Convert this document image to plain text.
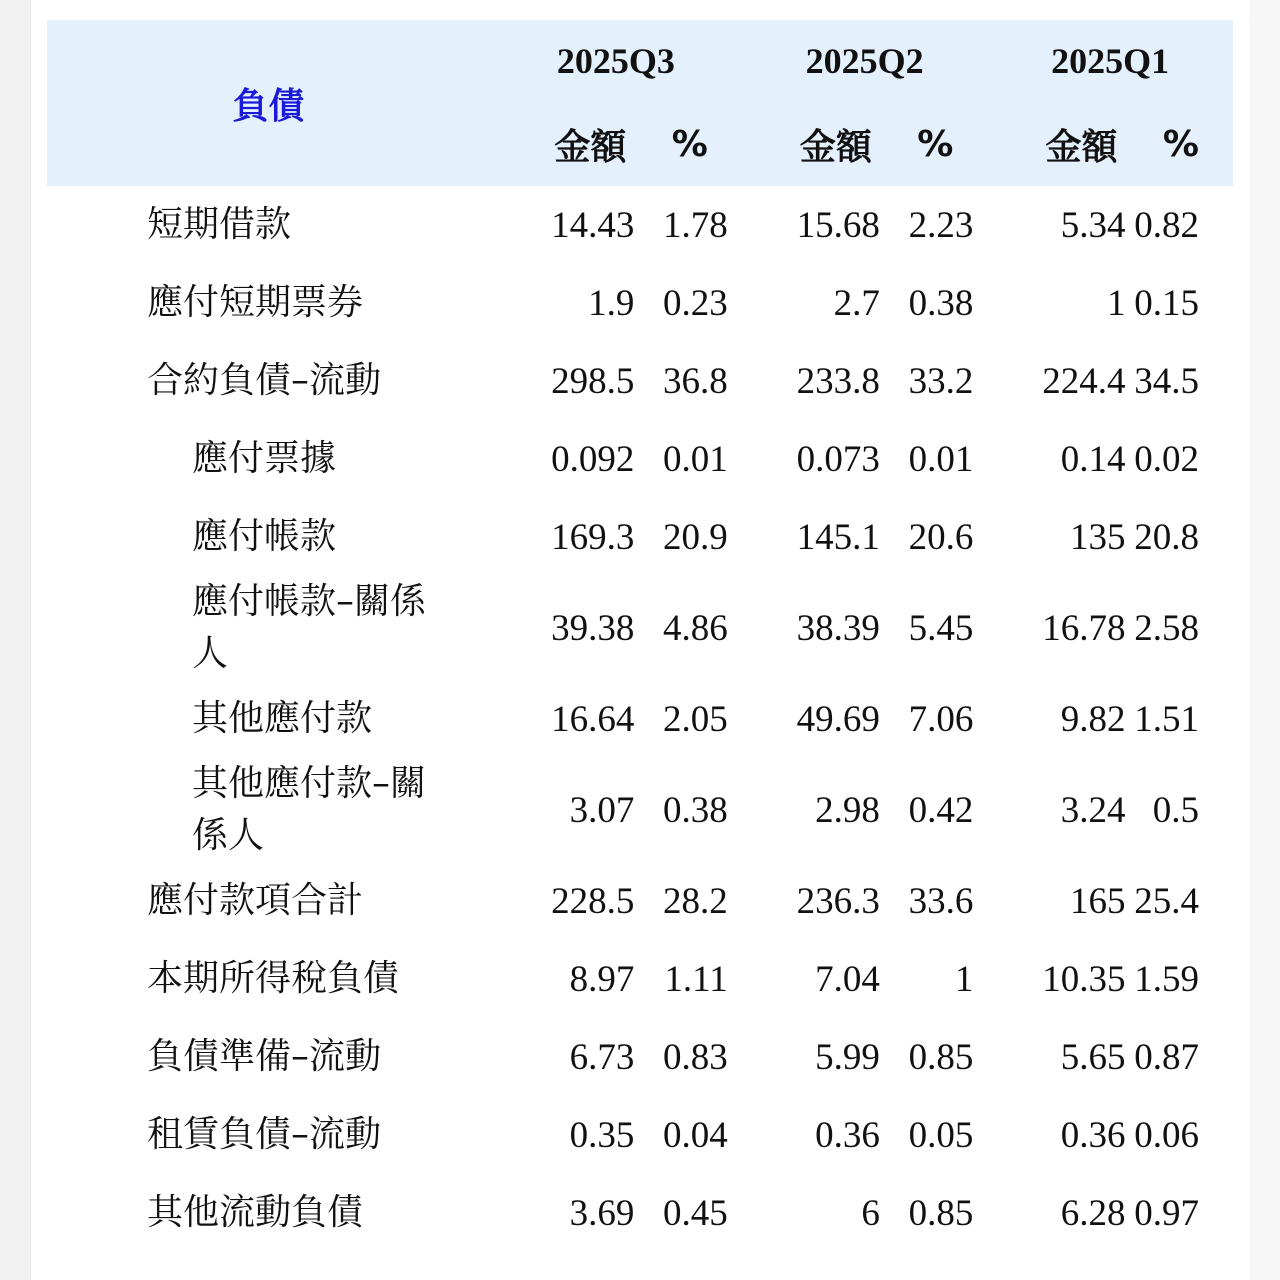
負債	2025Q3		2025Q2		2025Q1	
	金額	%	金額	%	金額	%
短期借款	14.43	1.78	15.68	2.23	5.34	0.82
應付短期票券	1.9	0.23	2.7	0.38	1	0.15
合約負債–流動	298.5	36.8	233.8	33.2	224.4	34.5
應付票據	0.092	0.01	0.073	0.01	0.14	0.02
應付帳款	169.3	20.9	145.1	20.6	135	20.8
應付帳款–關係人	39.38	4.86	38.39	5.45	16.78	2.58
其他應付款	16.64	2.05	49.69	7.06	9.82	1.51
其他應付款–關係人	3.07	0.38	2.98	0.42	3.24	0.5
應付款項合計	228.5	28.2	236.3	33.6	165	25.4
本期所得稅負債	8.97	1.11	7.04	1	10.35	1.59
負債準備–流動	6.73	0.83	5.99	0.85	5.65	0.87
租賃負債–流動	0.35	0.04	0.36	0.05	0.36	0.06
其他流動負債	3.69	0.45	6	0.85	6.28	0.97
